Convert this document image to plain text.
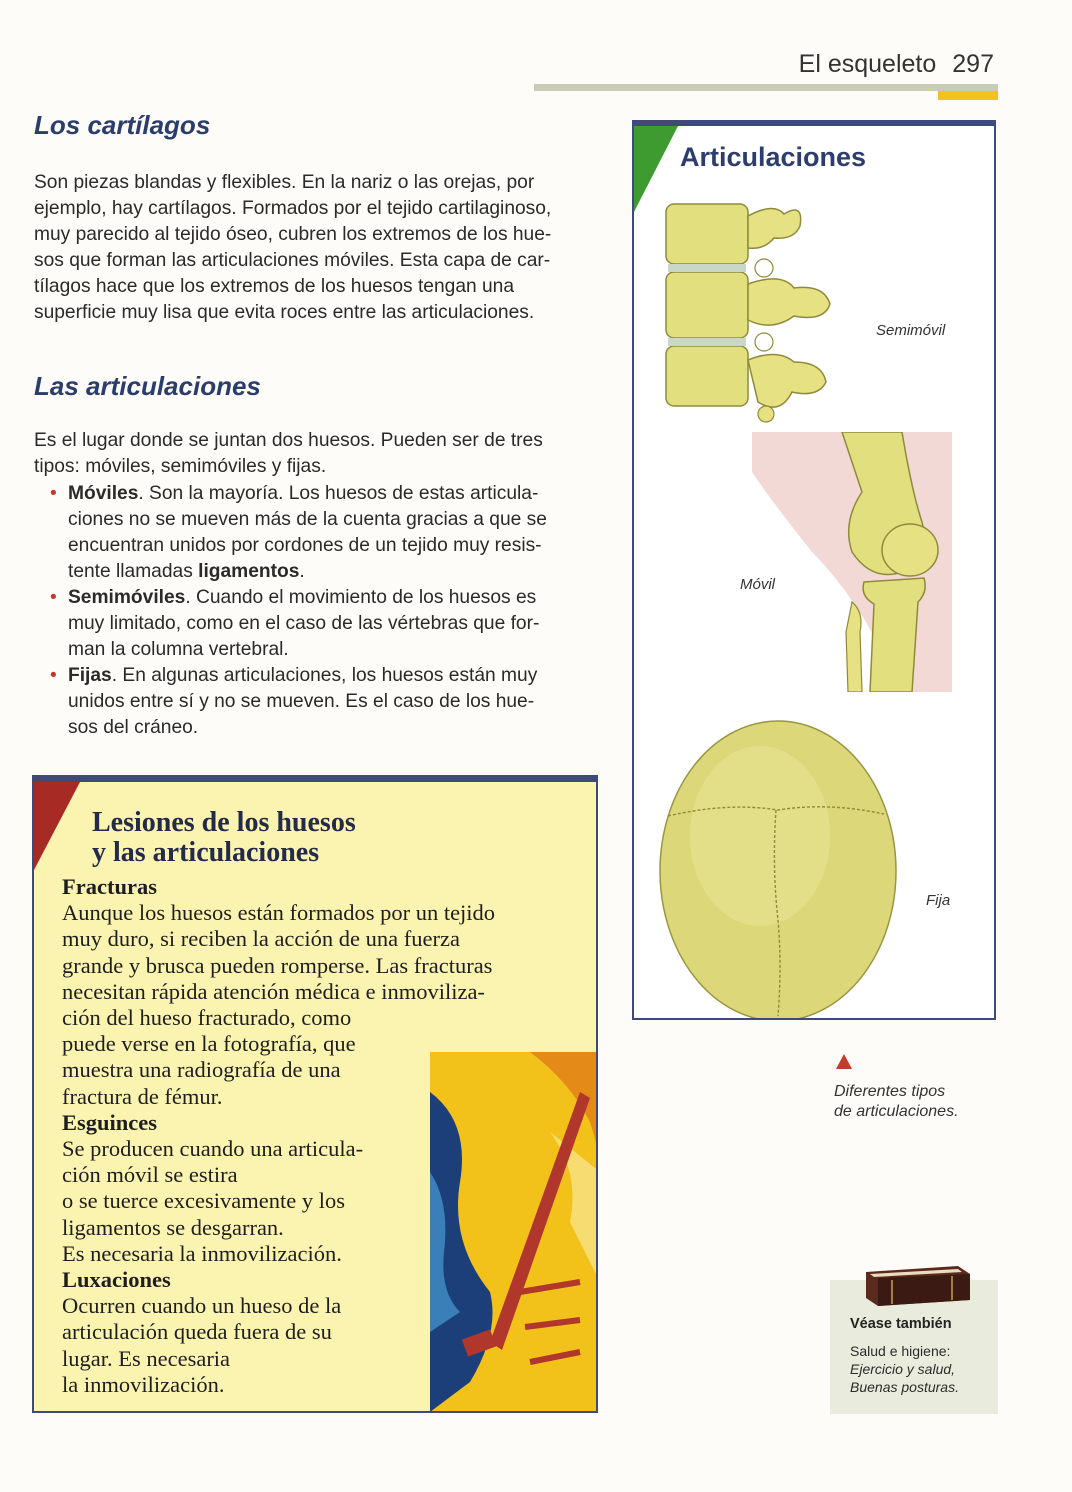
El esqueleto 297
Los cartílagos
Son piezas blandas y flexibles. En la nariz o las orejas, por
ejemplo, hay cartílagos. Formados por el tejido cartilaginoso,
muy parecido al tejido óseo, cubren los extremos de los hue-
sos que forman las articulaciones móviles. Esta capa de car-
tílagos hace que los extremos de los huesos tengan una
superficie muy lisa que evita roces entre las articulaciones.
Las articulaciones
Es el lugar donde se juntan dos huesos. Pueden ser de tres
tipos: móviles, semimóviles y fijas.
• Móviles. Son la mayoría. Los huesos de estas articula-
ciones no se mueven más de la cuenta gracias a que se
encuentran unidos por cordones de un tejido muy resis-
tente llamadas ligamentos.
• Semimóviles. Cuando el movimiento de los huesos es
muy limitado, como en el caso de las vértebras que for-
man la columna vertebral.
• Fijas. En algunas articulaciones, los huesos están muy
unidos entre sí y no se mueven. Es el caso de los hue-
sos del cráneo.
Articulaciones
Semimóvil
Móvil
Fija
Lesiones de los huesos
y las articulaciones
Fracturas
Aunque los huesos están formados por un tejido
muy duro, si reciben la acción de una fuerza
grande y brusca pueden romperse. Las fracturas
necesitan rápida atención médica e inmoviliza-
ción del hueso fracturado, como
puede verse en la fotografía, que
muestra una radiografía de una
fractura de fémur.
Esguinces
Se producen cuando una articula-
ción móvil se estira
o se tuerce excesivamente y los
ligamentos se desgarran.
Es necesaria la inmovilización.
Luxaciones
Ocurren cuando un hueso de la
articulación queda fuera de su
lugar. Es necesaria
la inmovilización.
Diferentes tipos
de articulaciones.
Véase también
Salud e higiene:
Ejercicio y salud,
Buenas posturas.
